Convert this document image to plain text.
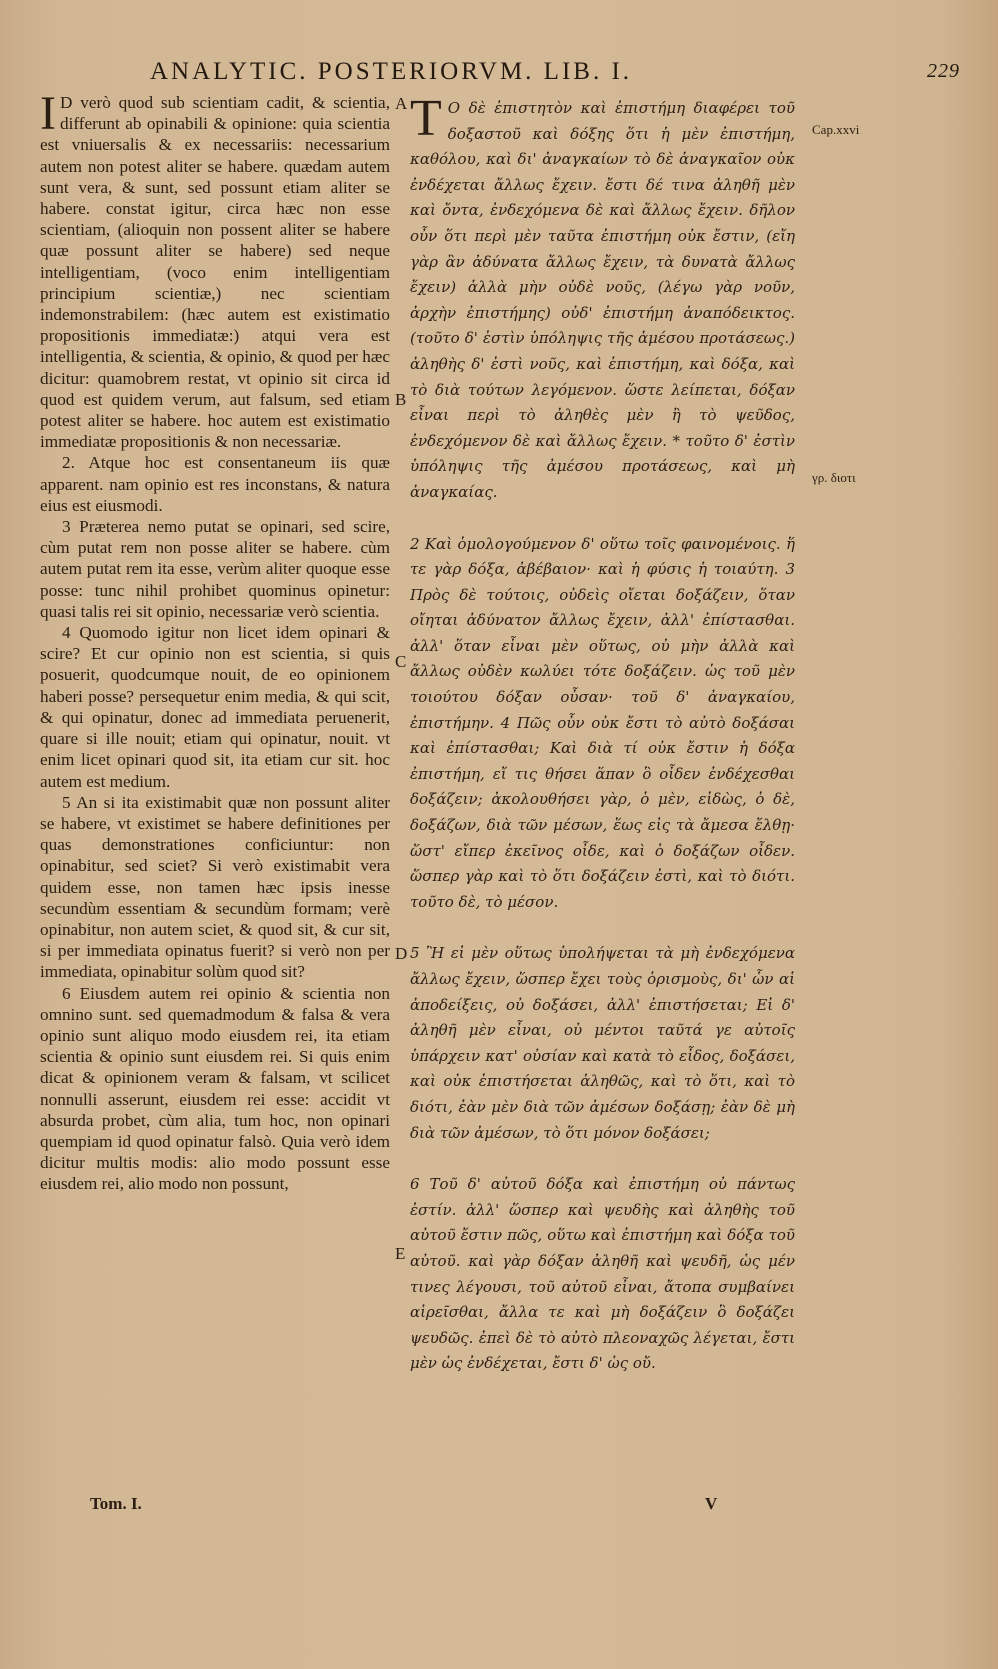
ANALYTIC. POSTERIORVM. LIB. I.	229
Cap.xxvi
γρ. διοτι
A
B
C
D
E

I D verò quod sub scientiam cadit, & scientia, differunt ab opinabili & opinione: quia scientia est vniuersalis & ex necessariis: necessarium autem non potest aliter se habere. quædam autem sunt vera, & sunt, sed possunt etiam aliter se habere. constat igitur, circa hæc non esse scientiam, (alioquin non possent aliter se habere quæ possunt aliter se habere) sed neque intelligentiam, (voco enim intelligentiam principium scientiæ,) nec scientiam indemonstrabilem: (hæc autem est existimatio propositionis immediatæ:) atqui vera est intelligentia, & scientia, & opinio, & quod per hæc dicitur: quamobrem restat, vt opinio sit circa id quod est quidem verum, aut falsum, sed etiam potest aliter se habere. hoc autem est existimatio immediatæ propositionis & non necessariæ.

2. Atque hoc est consentaneum iis quæ apparent. nam opinio est res inconstans, & natura eius est eiusmodi.

3 Præterea nemo putat se opinari, sed scire, cùm putat rem non posse aliter se habere. cùm autem putat rem ita esse, verùm aliter quoque esse posse: tunc nihil prohibet quominus opinetur: quasi talis rei sit opinio, necessariæ verò scientia.

4 Quomodo igitur non licet idem opinari & scire? Et cur opinio non est scientia, si quis posuerit, quodcumque nouit, de eo opinionem haberi posse? persequetur enim media, & qui scit, & qui opinatur, donec ad immediata peruenerit, quare si ille nouit; etiam qui opinatur, nouit. vt enim licet opinari quod sit, ita etiam cur sit. hoc autem est medium.

5 An si ita existimabit quæ non possunt aliter se habere, vt existimet se habere definitiones per quas demonstrationes conficiuntur: non opinabitur, sed sciet? Si verò existimabit vera quidem esse, non tamen hæc ipsis inesse secundùm essentiam & secundùm formam; verè opinabitur, non autem sciet, & quod sit, & cur sit, si per immediata opinatus fuerit? si verò non per immediata, opinabitur solùm quod sit?

6 Eiusdem autem rei opinio & scientia non omnino sunt. sed quemadmodum & falsa & vera opinio sunt aliquo modo eiusdem rei, ita etiam scientia & opinio sunt eiusdem rei. Si quis enim dicat & opinionem veram & falsam, vt scilicet nonnulli asserunt, eiusdem rei esse: accidit vt absurda probet, cùm alia, tum hoc, non opinari quempiam id quod opinatur falsò. Quia verò idem dicitur multis modis: alio modo possunt esse eiusdem rei, alio modo non possunt,

Τ Ο δὲ ἐπιστητὸν καὶ ἐπιστήμη διαφέρει τοῦ δοξαστοῦ καὶ δόξης ὅτι ἡ μὲν ἐπιστήμη, καθόλου, καὶ δι' ἀναγκαίων τὸ δὲ ἀναγκαῖον οὐκ ἐνδέχεται ἄλλως ἔχειν. ἔστι δέ τινα ἀληθῆ μὲν καὶ ὄντα, ἐνδεχόμενα δὲ καὶ ἄλλως ἔχειν. δῆλον οὖν ὅτι περὶ μὲν ταῦτα ἐπιστήμη οὐκ ἔστιν, (εἴη γὰρ ἂν ἀδύνατα ἄλλως ἔχειν, τὰ δυνατὰ ἄλλως ἔχειν) ἀλλὰ μὴν οὐδὲ νοῦς, (λέγω γὰρ νοῦν, ἀρχὴν ἐπιστήμης) οὐδ' ἐπιστήμη ἀναπόδεικτος. (τοῦτο δ' ἐστὶν ὑπόληψις τῆς ἀμέσου προτάσεως.) ἀληθὴς δ' ἐστὶ νοῦς, καὶ ἐπιστήμη, καὶ δόξα, καὶ τὸ διὰ τούτων λεγόμενον. ὥστε λείπεται, δόξαν εἶναι περὶ τὸ ἀληθὲς μὲν ἢ τὸ ψεῦδος, ἐνδεχόμενον δὲ καὶ ἄλλως ἔχειν. * τοῦτο δ' ἐστὶν ὑπόληψις τῆς ἀμέσου προτάσεως, καὶ μὴ ἀναγκαίας.

2 Καὶ ὁμολογούμενον δ' οὕτω τοῖς φαινομένοις. ἥ τε γὰρ δόξα, ἀβέβαιον· καὶ ἡ φύσις ἡ τοιαύτη. 3 Πρὸς δὲ τούτοις, οὐδεὶς οἴεται δοξάζειν, ὅταν οἴηται ἀδύνατον ἄλλως ἔχειν, ἀλλ' ἐπίστασθαι. ἀλλ' ὅταν εἶναι μὲν οὕτως, οὐ μὴν ἀλλὰ καὶ ἄλλως οὐδὲν κωλύει τότε δοξάζειν. ὡς τοῦ μὲν τοιούτου δόξαν οὖσαν· τοῦ δ' ἀναγκαίου, ἐπιστήμην. 4 Πῶς οὖν οὐκ ἔστι τὸ αὐτὸ δοξάσαι καὶ ἐπίστασθαι; Καὶ διὰ τί οὐκ ἔστιν ἡ δόξα ἐπιστήμη, εἴ τις θήσει ἅπαν ὃ οἶδεν ἐνδέχεσθαι δοξάζειν; ἀκολουθήσει γὰρ, ὁ μὲν, εἰδὼς, ὁ δὲ, δοξάζων, διὰ τῶν μέσων, ἕως εἰς τὰ ἄμεσα ἔλθῃ· ὥστ' εἴπερ ἐκεῖνος οἶδε, καὶ ὁ δοξάζων οἶδεν. ὥσπερ γὰρ καὶ τὸ ὅτι δοξάζειν ἐστὶ, καὶ τὸ διότι. τοῦτο δὲ, τὸ μέσον.

5 Ἢ εἰ μὲν οὕτως ὑπολήψεται τὰ μὴ ἐνδεχόμενα ἄλλως ἔχειν, ὥσπερ ἔχει τοὺς ὁρισμοὺς, δι' ὧν αἱ ἀποδείξεις, οὐ δοξάσει, ἀλλ' ἐπιστήσεται; Εἰ δ' ἀληθῆ μὲν εἶναι, οὐ μέντοι ταῦτά γε αὐτοῖς ὑπάρχειν κατ' οὐσίαν καὶ κατὰ τὸ εἶδος, δοξάσει, καὶ οὐκ ἐπιστήσεται ἀληθῶς, καὶ τὸ ὅτι, καὶ τὸ διότι, ἐὰν μὲν διὰ τῶν ἀμέσων δοξάσῃ; ἐὰν δὲ μὴ διὰ τῶν ἀμέσων, τὸ ὅτι μόνον δοξάσει;

6 Τοῦ δ' αὐτοῦ δόξα καὶ ἐπιστήμη οὐ πάντως ἐστίν. ἀλλ' ὥσπερ καὶ ψευδὴς καὶ ἀληθὴς τοῦ αὐτοῦ ἔστιν πῶς, οὕτω καὶ ἐπιστήμη καὶ δόξα τοῦ αὐτοῦ. καὶ γὰρ δόξαν ἀληθῆ καὶ ψευδῆ, ὡς μέν τινες λέγουσι, τοῦ αὐτοῦ εἶναι, ἄτοπα συμβαίνει αἱρεῖσθαι, ἄλλα τε καὶ μὴ δοξάζειν ὃ δοξάζει ψευδῶς. ἐπεὶ δὲ τὸ αὐτὸ πλεοναχῶς λέγεται, ἔστι μὲν ὡς ἐνδέχεται, ἔστι δ' ὡς οὔ.

Tom. I.	V
